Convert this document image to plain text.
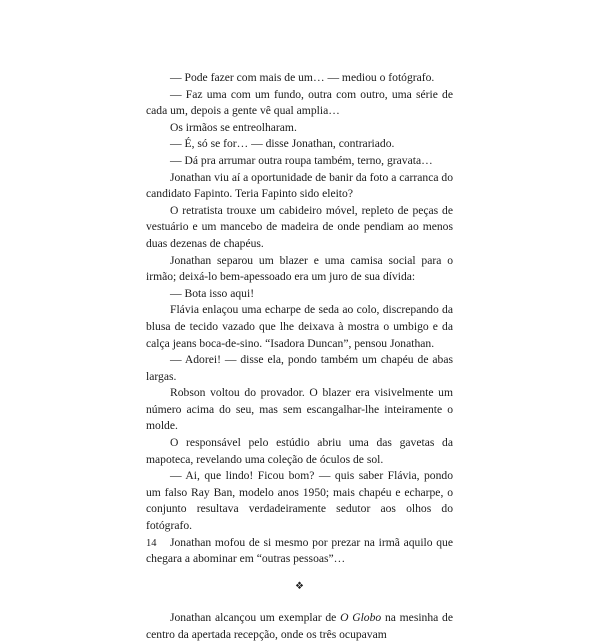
— Pode fazer com mais de um… — mediou o fotógrafo.

— Faz uma com um fundo, outra com outro, uma série de cada um, depois a gente vê qual amplia…

Os irmãos se entreolharam.

— É, só se for… — disse Jonathan, contrariado.

— Dá pra arrumar outra roupa também, terno, gravata…

Jonathan viu aí a oportunidade de banir da foto a carranca do candidato Fapinto. Teria Fapinto sido eleito?

O retratista trouxe um cabideiro móvel, repleto de peças de vestuário e um mancebo de madeira de onde pendiam ao menos duas dezenas de chapéus.

Jonathan separou um blazer e uma camisa social para o irmão; deixá-lo bem-apessoado era um juro de sua dívida:

— Bota isso aqui!

Flávia enlaçou uma echarpe de seda ao colo, discrepando da blusa de tecido vazado que lhe deixava à mostra o umbigo e da calça jeans boca-de-sino. “Isadora Duncan”, pensou Jonathan.

— Adorei! — disse ela, pondo também um chapéu de abas largas.

Robson voltou do provador. O blazer era visivelmente um número acima do seu, mas sem escangalhar-lhe inteiramente o molde.

O responsável pelo estúdio abriu uma das gavetas da mapoteca, revelando uma coleção de óculos de sol.

— Ai, que lindo! Ficou bom? — quis saber Flávia, pondo um falso Ray Ban, modelo anos 1950; mais chapéu e echarpe, o conjunto resultava verdadeiramente sedutor aos olhos do fotógrafo.

Jonathan mofou de si mesmo por prezar na irmã aquilo que chegara a abominar em “outras pessoas”…

❖

Jonathan alcançou um exemplar de O Globo na mesinha de centro da apertada recepção, onde os três ocupavam

14
